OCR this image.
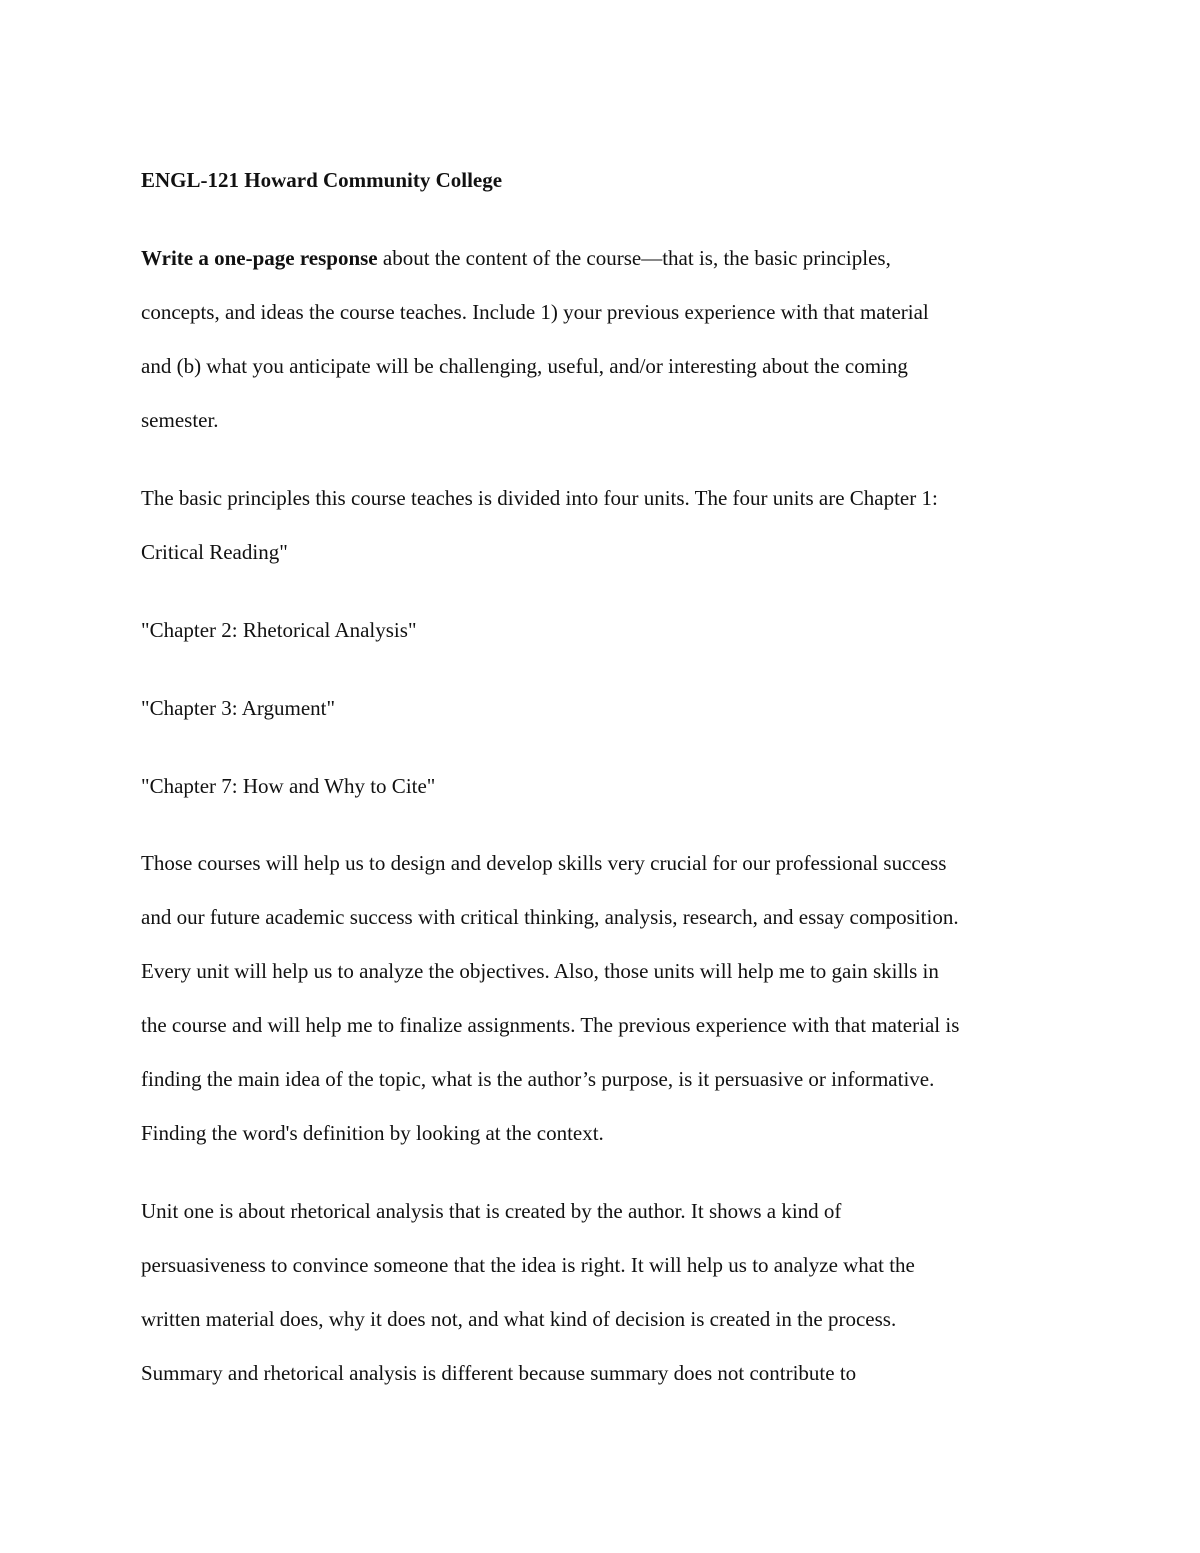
ENGL-121 Howard Community College

Write a one-page response about the content of the course—that is, the basic principles,

concepts, and ideas the course teaches. Include 1) your previous experience with that material

and (b) what you anticipate will be challenging, useful, and/or interesting about the coming

semester.

The basic principles this course teaches is divided into four units. The four units are Chapter 1:

Critical Reading"

"Chapter 2: Rhetorical Analysis"

"Chapter 3: Argument"

"Chapter 7: How and Why to Cite"

Those courses will help us to design and develop skills very crucial for our professional success

and our future academic success with critical thinking, analysis, research, and essay composition.

Every unit will help us to analyze the objectives. Also, those units will help me to gain skills in

the course and will help me to finalize assignments. The previous experience with that material is

finding the main idea of the topic, what is the author’s purpose, is it persuasive or informative.

Finding the word's definition by looking at the context.

Unit one is about rhetorical analysis that is created by the author. It shows a kind of

persuasiveness to convince someone that the idea is right. It will help us to analyze what the

written material does, why it does not, and what kind of decision is created in the process.

Summary and rhetorical analysis is different because summary does not contribute to
